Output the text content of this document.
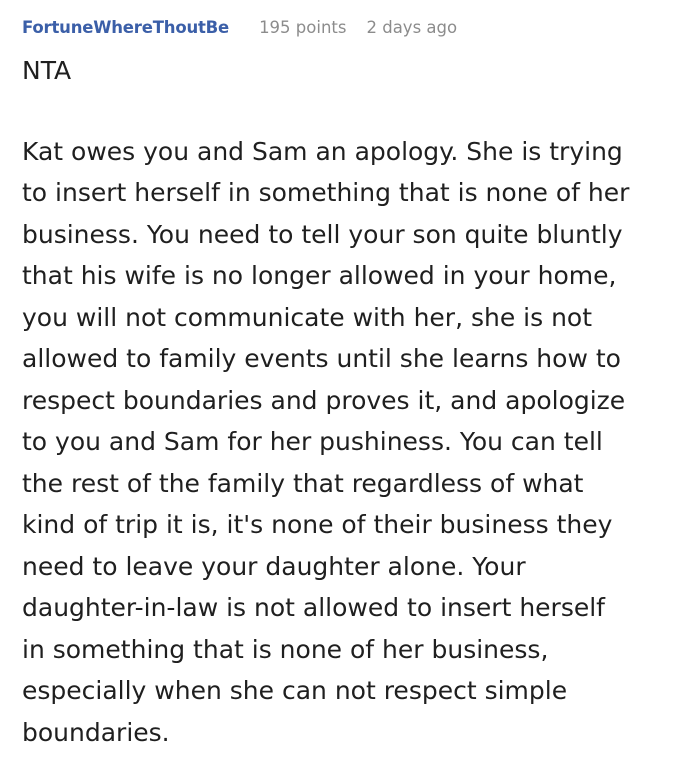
FortuneWhereThoutBe 195 points 2 days ago

NTA

Kat owes you and Sam an apology. She is trying
to insert herself in something that is none of her
business. You need to tell your son quite bluntly
that his wife is no longer allowed in your home,
you will not communicate with her, she is not
allowed to family events until she learns how to
respect boundaries and proves it, and apologize
to you and Sam for her pushiness. You can tell
the rest of the family that regardless of what
kind of trip it is, it's none of their business they
need to leave your daughter alone. Your
daughter-in-law is not allowed to insert herself
in something that is none of her business,
especially when she can not respect simple
boundaries.
